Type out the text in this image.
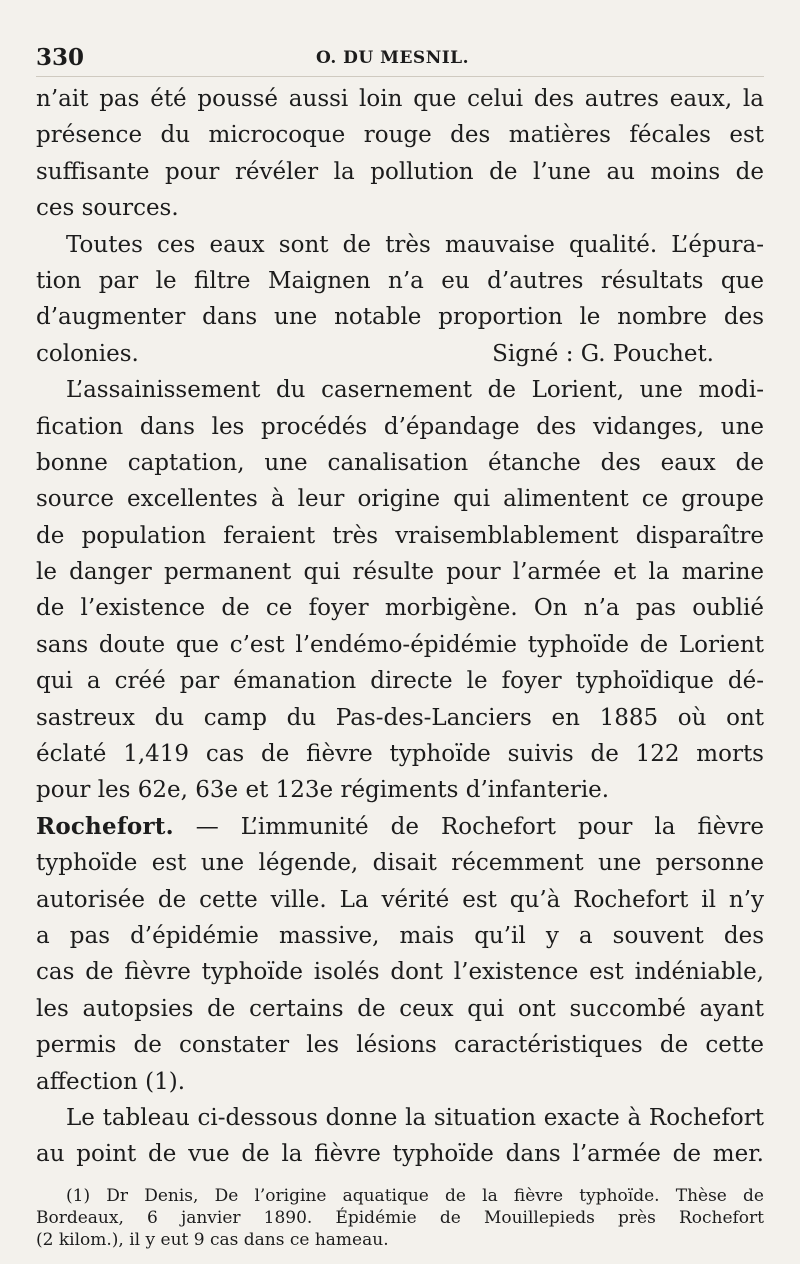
330	O. DU MESNIL.
n’ait pas été poussé aussi loin que celui des autres eaux, la
présence du microcoque rouge des matières fécales est
suffisante pour révéler la pollution de l’une au moins de
ces sources.
Toutes ces eaux sont de très mauvaise qualité. L’épura-
tion par le filtre Maignen n’a eu d’autres résultats que
d’augmenter dans une notable proportion le nombre des
colonies.	Signé : G. Pouchet.
L’assainissement du casernement de Lorient, une modi-
fication dans les procédés d’épandage des vidanges, une
bonne captation, une canalisation étanche des eaux de
source excellentes à leur origine qui alimentent ce groupe
de population feraient très vraisemblablement disparaître
le danger permanent qui résulte pour l’armée et la marine
de l’existence de ce foyer morbigène. On n’a pas oublié
sans doute que c’est l’endémo-épidémie typhoïde de Lorient
qui a créé par émanation directe le foyer typhoïdique dé-
sastreux du camp du Pas-des-Lanciers en 1885 où ont
éclaté 1,419 cas de fièvre typhoïde suivis de 122 morts
pour les 62e, 63e et 123e régiments d’infanterie.
Rochefort. — L’immunité de Rochefort pour la fièvre
typhoïde est une légende, disait récemment une personne
autorisée de cette ville. La vérité est qu’à Rochefort il n’y
a pas d’épidémie massive, mais qu’il y a souvent des
cas de fièvre typhoïde isolés dont l’existence est indéniable,
les autopsies de certains de ceux qui ont succombé ayant
permis de constater les lésions caractéristiques de cette
affection (1).
Le tableau ci-dessous donne la situation exacte à Rochefort
au point de vue de la fièvre typhoïde dans l’armée de mer.
(1) Dr Denis, De l’origine aquatique de la fièvre typhoïde. Thèse de
Bordeaux, 6 janvier 1890. Épidémie de Mouillepieds près Rochefort
(2 kilom.), il y eut 9 cas dans ce hameau.
